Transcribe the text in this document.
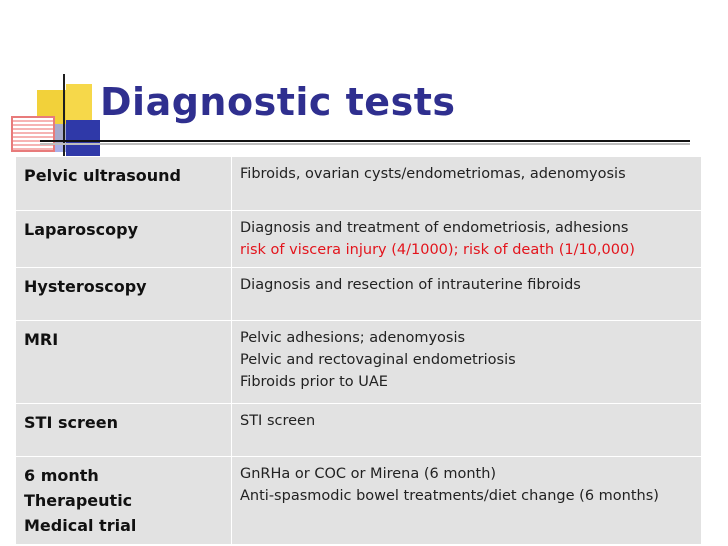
Diagnostic tests
Pelvic ultrasound	Fibroids, ovarian cysts/endometriomas, adenomyosis

Laparoscopy	Diagnosis and treatment of endometriosis, adhesions
risk of viscera injury (4/1000); risk of death (1/10,000)

Hysteroscopy	Diagnosis and resection of intrauterine fibroids

MRI	Pelvic adhesions; adenomyosis
Pelvic and rectovaginal endometriosis
Fibroids prior to UAE

STI screen	STI screen

6 month
Therapeutic
Medical trial	GnRHa or COC or Mirena (6 month)
Anti-spasmodic bowel treatments/diet change (6 months)
